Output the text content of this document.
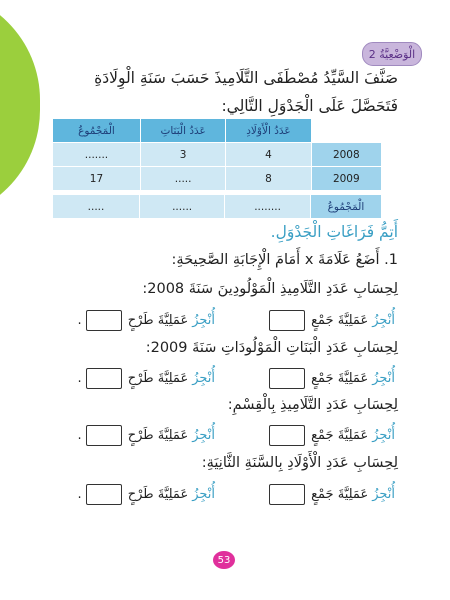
الْوَضْعِيَّةُ 2
صَنَّفَ السَّيِّدُ مُصْطَفَى التَّلَامِيذَ حَسَبَ سَنَةِ الْوِلَادَةِ فَتَحَصَّلَ عَلَى الْجَدْوَلِ التَّالِي:
	عَدَدُ الْأَوْلَادِ	عَدَدُ الْبَنَاتِ	الْمَجْمُوعُ
2008	4	3	.......
2009	8	.....	17
الْمَجْمُوعُ	........	......	.....
أَتِمُّ فَرَاغَاتِ الْجَدْوَلِ.
1. أَضَعُ عَلَامَةَ x أَمَامَ الْإِجَابَةِ الصَّحِيحَةِ:
لِحِسَابِ عَدَدِ التَّلَامِيذِ الْمَوْلُودِينَ سَنَةَ 2008:
أُنْجِزُ
عَمَلِيَّةَ جَمْعٍ
أُنْجِزُ
عَمَلِيَّةَ طَرْحٍ
.
لِحِسَابِ عَدَدِ الْبَنَاتِ الْمَوْلُودَاتِ سَنَةَ 2009:
أُنْجِزُ
عَمَلِيَّةَ جَمْعٍ
أُنْجِزُ
عَمَلِيَّةَ طَرْحٍ
.
لِحِسَابِ عَدَدِ التَّلَامِيذِ بِالْقِسْمِ:
أُنْجِزُ
عَمَلِيَّةَ جَمْعٍ
أُنْجِزُ
عَمَلِيَّةَ طَرْحٍ
.
لِحِسَابِ عَدَدِ الْأَوْلَادِ بِالسَّنَةِ الثَّانِيَةِ:
أُنْجِزُ
عَمَلِيَّةَ جَمْعٍ
أُنْجِزُ
عَمَلِيَّةَ طَرْحٍ
.
53
